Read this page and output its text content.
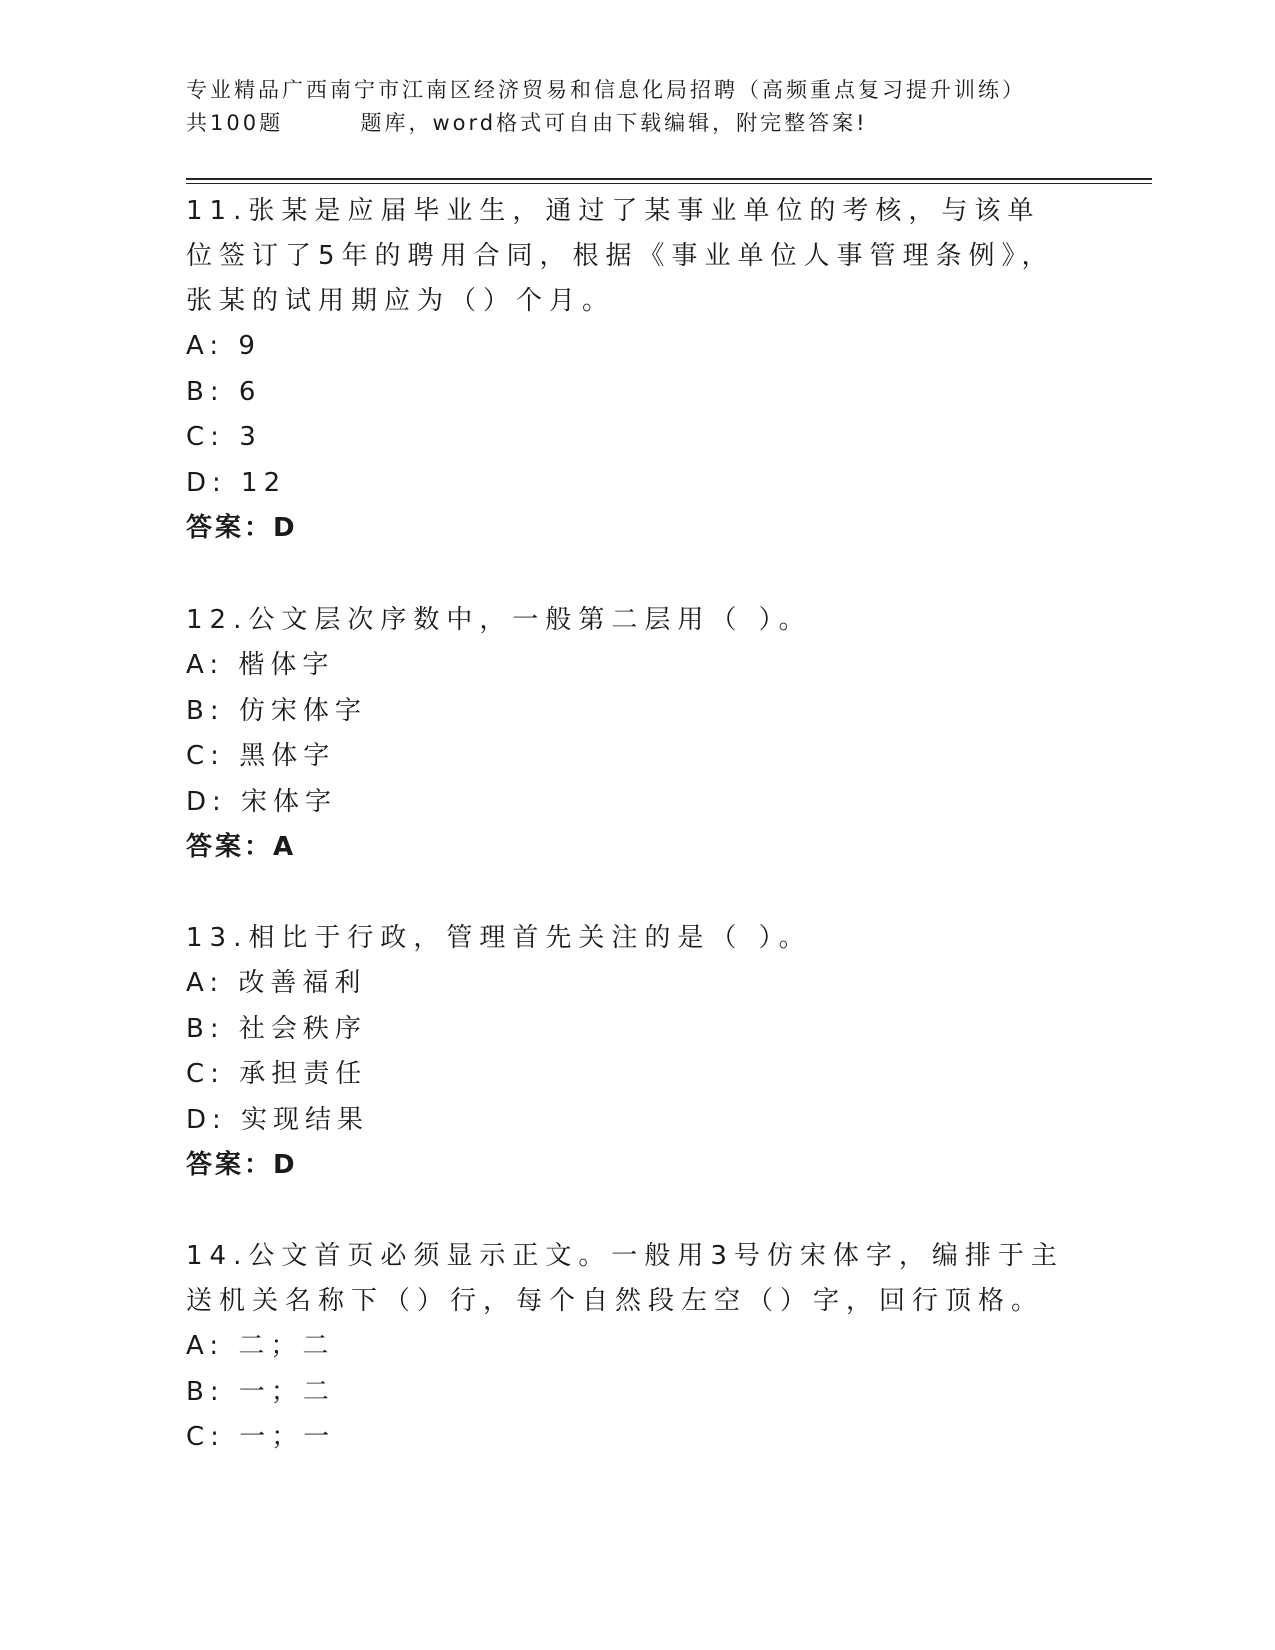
专业精品广西南宁市江南区经济贸易和信息化局招聘（高频重点复习提升训练）
共100题        题库，word格式可自由下载编辑，附完整答案!

11.张某是应届毕业生，通过了某事业单位的考核，与该单位签订了5年的聘用合同，根据《事业单位人事管理条例》，张某的试用期应为（）个月。

A: 9

B: 6

C: 3

D: 12

答案：D

12.公文层次序数中，一般第二层用（ ）。

A: 楷体字

B: 仿宋体字

C: 黑体字

D: 宋体字

答案：A

13.相比于行政，管理首先关注的是（ ）。

A: 改善福利

B: 社会秩序

C: 承担责任

D: 实现结果

答案：D

14.公文首页必须显示正文。一般用3号仿宋体字，编排于主送机关名称下（）行，每个自然段左空（）字，回行顶格。

A: 二；二

B: 一；二

C: 一；一
